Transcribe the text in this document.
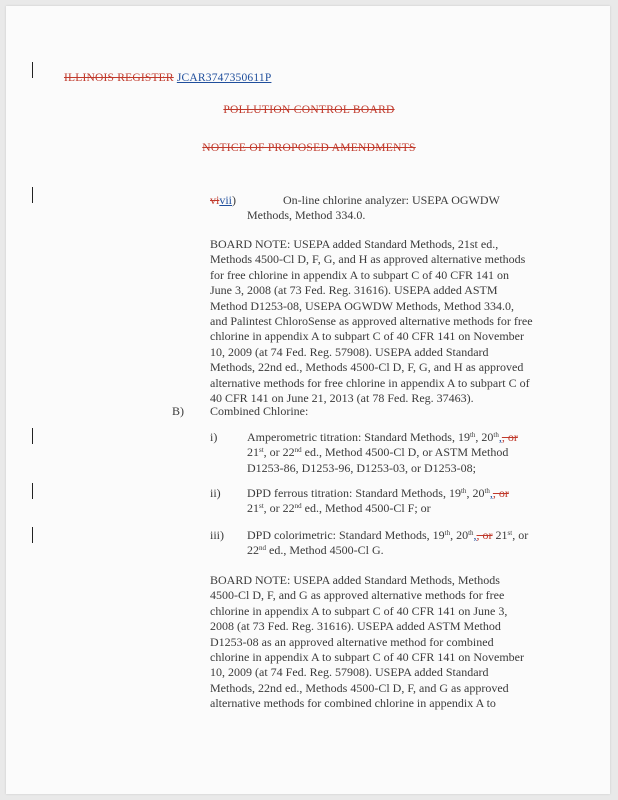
ILLINOIS REGISTER JCAR3747350611P
POLLUTION CONTROL BOARD
NOTICE OF PROPOSED AMENDMENTS
vivii)	On-line chlorine analyzer: USEPA OGWDW
Methods, Method 334.0.
BOARD NOTE: USEPA added Standard Methods, 21st ed.,
Methods 4500-Cl D, F, G, and H as approved alternative methods
for free chlorine in appendix A to subpart C of 40 CFR 141 on
June 3, 2008 (at 73 Fed. Reg. 31616). USEPA added ASTM
Method D1253-08, USEPA OGWDW Methods, Method 334.0,
and Palintest ChloroSense as approved alternative methods for free
chlorine in appendix A to subpart C of 40 CFR 141 on November
10, 2009 (at 74 Fed. Reg. 57908). USEPA added Standard
Methods, 22nd ed., Methods 4500-Cl D, F, G, and H as approved
alternative methods for free chlorine in appendix A to subpart C of
40 CFR 141 on June 21, 2013 (at 78 Fed. Reg. 37463).
B) Combined Chlorine:
i) Amperometric titration: Standard Methods, 19th, 20th,, or
21st, or 22nd ed., Method 4500-Cl D, or ASTM Method
D1253-86, D1253-96, D1253-03, or D1253-08;
ii) DPD ferrous titration: Standard Methods, 19th, 20th,, or
21st, or 22nd ed., Method 4500-Cl F; or
iii) DPD colorimetric: Standard Methods, 19th, 20th,, or 21st, or
22nd ed., Method 4500-Cl G.
BOARD NOTE: USEPA added Standard Methods, Methods
4500-Cl D, F, and G as approved alternative methods for free
chlorine in appendix A to subpart C of 40 CFR 141 on June 3,
2008 (at 73 Fed. Reg. 31616). USEPA added ASTM Method
D1253-08 as an approved alternative method for combined
chlorine in appendix A to subpart C of 40 CFR 141 on November
10, 2009 (at 74 Fed. Reg. 57908). USEPA added Standard
Methods, 22nd ed., Methods 4500-Cl D, F, and G as approved
alternative methods for combined chlorine in appendix A to
